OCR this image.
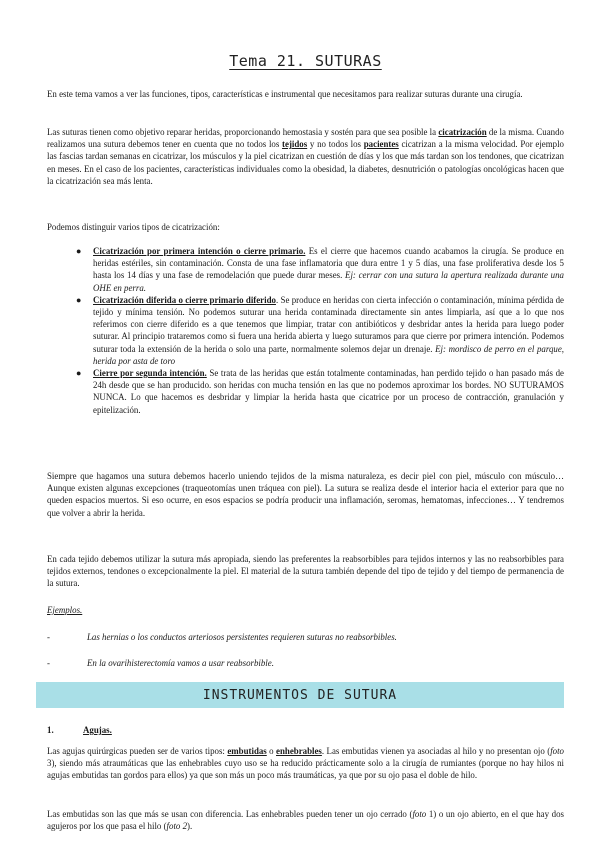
Tema 21. SUTURAS

En este tema vamos a ver las funciones, tipos, características e instrumental que necesitamos para realizar suturas durante una cirugía.

Las suturas tienen como objetivo reparar heridas, proporcionando hemostasia y sostén para que sea posible la cicatrización de la misma. Cuando realizamos una sutura debemos tener en cuenta que no todos los tejidos y no todos los pacientes cicatrizan a la misma velocidad. Por ejemplo las fascias tardan semanas en cicatrizar, los músculos y la piel cicatrizan en cuestión de días y los que más tardan son los tendones, que cicatrizan en meses. En el caso de los pacientes, características individuales como la obesidad, la diabetes, desnutrición o patologías oncológicas hacen que la cicatrización sea más lenta.

Podemos distinguir varios tipos de cicatrización:

● Cicatrización por primera intención o cierre primario. Es el cierre que hacemos cuando acabamos la cirugía. Se produce en heridas estériles, sin contaminación. Consta de una fase inflamatoria que dura entre 1 y 5 días, una fase proliferativa desde los 5 hasta los 14 días y una fase de remodelación que puede durar meses. Ej: cerrar con una sutura la apertura realizada durante una OHE en perra.
● Cicatrización diferida o cierre primario diferido. Se produce en heridas con cierta infección o contaminación, mínima pérdida de tejido y mínima tensión. No podemos suturar una herida contaminada directamente sin antes limpiarla, así que a lo que nos referimos con cierre diferido es a que tenemos que limpiar, tratar con antibióticos y desbridar antes la herida para luego poder suturar. Al principio trataremos como si fuera una herida abierta y luego suturamos para que cierre por primera intención. Podemos suturar toda la extensión de la herida o solo una parte, normalmente solemos dejar un drenaje. Ej: mordisco de perro en el parque, herida por asta de toro
● Cierre por segunda intención. Se trata de las heridas que están totalmente contaminadas, han perdido tejido o han pasado más de 24h desde que se han producido. son heridas con mucha tensión en las que no podemos aproximar los bordes. NO SUTURAMOS NUNCA. Lo que hacemos es desbridar y limpiar la herida hasta que cicatrice por un proceso de contracción, granulación y epitelización.

Siempre que hagamos una sutura debemos hacerlo uniendo tejidos de la misma naturaleza, es decir piel con piel, músculo con músculo… Aunque existen algunas excepciones (traqueotomías unen tráquea con piel). La sutura se realiza desde el interior hacia el exterior para que no queden espacios muertos. Si eso ocurre, en esos espacios se podría producir una inflamación, seromas, hematomas, infecciones… Y tendremos que volver a abrir la herida.

En cada tejido debemos utilizar la sutura más apropiada, siendo las preferentes la reabsorbibles para tejidos internos y las no reabsorbibles para tejidos externos, tendones o excepcionalmente la piel. El material de la sutura también depende del tipo de tejido y del tiempo de permanencia de la sutura.

Ejemplos.

-	Las hernias o los conductos arteriosos persistentes requieren suturas no reabsorbibles.
-	En la ovarihisterectomía vamos a usar reabsorbible.
1.	Agujas.

Las agujas quirúrgicas pueden ser de varios tipos: embutidas o enhebrables. Las embutidas vienen ya asociadas al hilo y no presentan ojo (foto 3), siendo más atraumáticas que las enhebrables cuyo uso se ha reducido prácticamente solo a la cirugía de rumiantes (porque no hay hilos ni agujas embutidas tan gordos para ellos) ya que son más un poco más traumáticas, ya que por su ojo pasa el doble de hilo.

Las embutidas son las que más se usan con diferencia. Las enhebrables pueden tener un ojo cerrado (foto 1) o un ojo abierto, en el que hay dos agujeros por los que pasa el hilo (foto 2).

INSTRUMENTOS DE SUTURA
